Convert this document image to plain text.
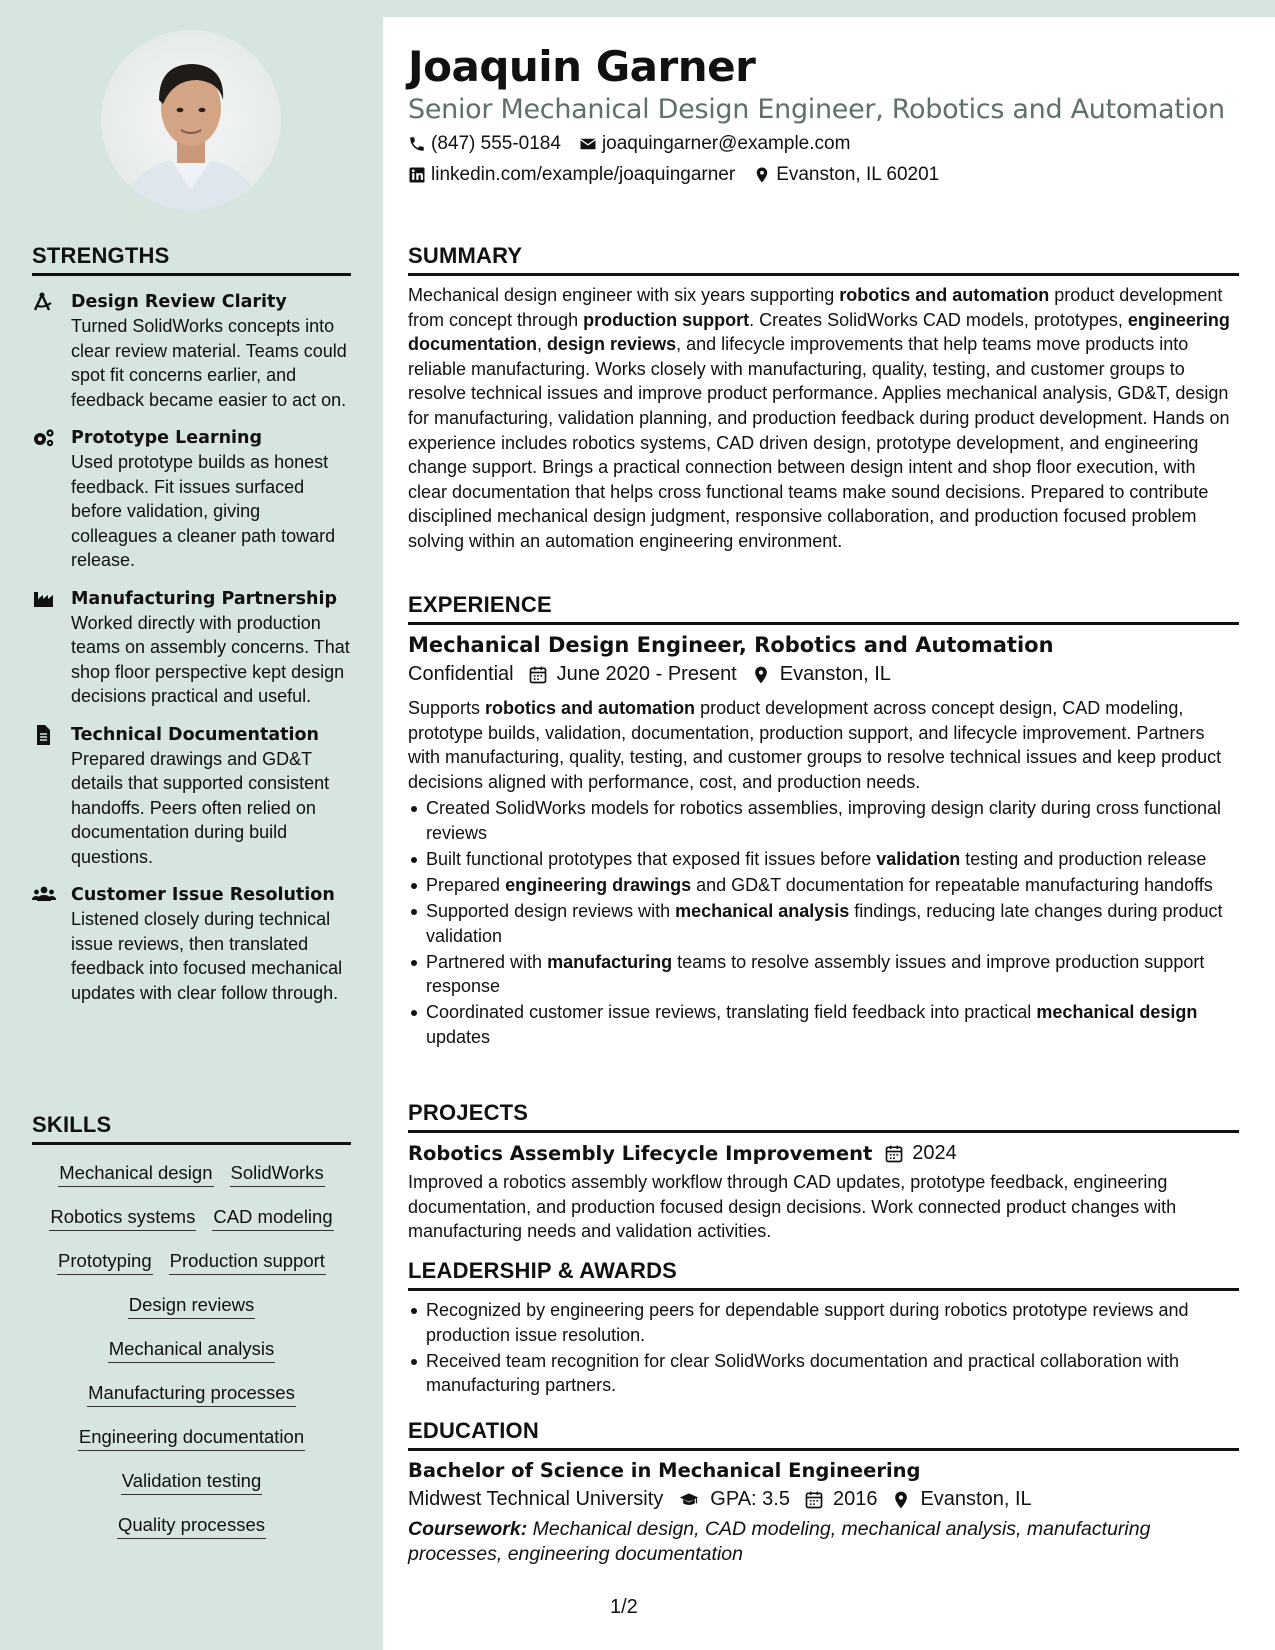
Joaquin Garner
Senior Mechanical Design Engineer, Robotics and Automation
(847) 555-0184 joaquingarner@example.com
linkedin.com/example/joaquingarner Evanston, IL 60201
STRENGTHS
Design Review Clarity
Turned SolidWorks concepts into clear review material. Teams could spot fit concerns earlier, and feedback became easier to act on.
Prototype Learning
Used prototype builds as honest feedback. Fit issues surfaced before validation, giving colleagues a cleaner path toward release.
Manufacturing Partnership
Worked directly with production teams on assembly concerns. That shop floor perspective kept design decisions practical and useful.
Technical Documentation
Prepared drawings and GD&T details that supported consistent handoffs. Peers often relied on documentation during build questions.
Customer Issue Resolution
Listened closely during technical issue reviews, then translated feedback into focused mechanical updates with clear follow through.
SKILLS
Mechanical design SolidWorks
Robotics systems CAD modeling
Prototyping Production support
Design reviews
Mechanical analysis
Manufacturing processes
Engineering documentation
Validation testing
Quality processes
SUMMARY

Mechanical design engineer with six years supporting robotics and automation product development from concept through production support. Creates SolidWorks CAD models, prototypes, engineering documentation, design reviews, and lifecycle improvements that help teams move products into reliable manufacturing. Works closely with manufacturing, quality, testing, and customer groups to resolve technical issues and improve product performance. Applies mechanical analysis, GD&T, design for manufacturing, validation planning, and production feedback during product development. Hands on experience includes robotics systems, CAD driven design, prototype development, and engineering change support. Brings a practical connection between design intent and shop floor execution, with clear documentation that helps cross functional teams make sound decisions. Prepared to contribute disciplined mechanical design judgment, responsive collaboration, and production focused problem solving within an automation engineering environment.

EXPERIENCE
Mechanical Design Engineer, Robotics and Automation
Confidential June 2020 - Present Evanston, IL

Supports robotics and automation product development across concept design, CAD modeling, prototype builds, validation, documentation, production support, and lifecycle improvement. Partners with manufacturing, quality, testing, and customer groups to resolve technical issues and keep product decisions aligned with performance, cost, and production needs.

Created SolidWorks models for robotics assemblies, improving design clarity during cross functional reviews
Built functional prototypes that exposed fit issues before validation testing and production release
Prepared engineering drawings and GD&T documentation for repeatable manufacturing handoffs
Supported design reviews with mechanical analysis findings, reducing late changes during product validation
Partnered with manufacturing teams to resolve assembly issues and improve production support response
Coordinated customer issue reviews, translating field feedback into practical mechanical design updates
PROJECTS
Robotics Assembly Lifecycle Improvement 2024

Improved a robotics assembly workflow through CAD updates, prototype feedback, engineering documentation, and production focused design decisions. Work connected product changes with manufacturing needs and validation activities.

LEADERSHIP & AWARDS
Recognized by engineering peers for dependable support during robotics prototype reviews and production issue resolution.
Received team recognition for clear SolidWorks documentation and practical collaboration with manufacturing partners.
EDUCATION
Bachelor of Science in Mechanical Engineering
Midwest Technical University GPA: 3.5 2016 Evanston, IL

Coursework: Mechanical design, CAD modeling, mechanical analysis, manufacturing processes, engineering documentation

1/2
